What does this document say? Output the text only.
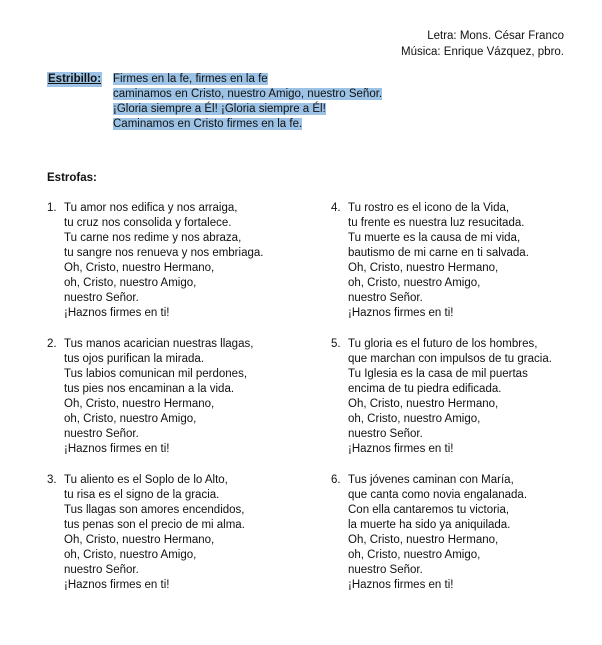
Letra: Mons. César Franco
Música: Enrique Vázquez, pbro.
Estribillo: Firmes en la fe, firmes en la fe
caminamos en Cristo, nuestro Amigo, nuestro Señor.
¡Gloria siempre a Él! ¡Gloria siempre a Él!
Caminamos en Cristo firmes en la fe.
Estrofas:
1. Tu amor nos edifica y nos arraiga,
tu cruz nos consolida y fortalece.
Tu carne nos redime y nos abraza,
tu sangre nos renueva y nos embriaga.
Oh, Cristo, nuestro Hermano,
oh, Cristo, nuestro Amigo,
nuestro Señor.
¡Haznos firmes en ti!
2. Tus manos acarician nuestras llagas,
tus ojos purifican la mirada.
Tus labios comunican mil perdones,
tus pies nos encaminan a la vida.
Oh, Cristo, nuestro Hermano,
oh, Cristo, nuestro Amigo,
nuestro Señor.
¡Haznos firmes en ti!
3. Tu aliento es el Soplo de lo Alto,
tu risa es el signo de la gracia.
Tus llagas son amores encendidos,
tus penas son el precio de mi alma.
Oh, Cristo, nuestro Hermano,
oh, Cristo, nuestro Amigo,
nuestro Señor.
¡Haznos firmes en ti!
4. Tu rostro es el icono de la Vida,
tu frente es nuestra luz resucitada.
Tu muerte es la causa de mi vida,
bautismo de mi carne en ti salvada.
Oh, Cristo, nuestro Hermano,
oh, Cristo, nuestro Amigo,
nuestro Señor.
¡Haznos firmes en ti!
5. Tu gloria es el futuro de los hombres,
que marchan con impulsos de tu gracia.
Tu Iglesia es la casa de mil puertas
encima de tu piedra edificada.
Oh, Cristo, nuestro Hermano,
oh, Cristo, nuestro Amigo,
nuestro Señor.
¡Haznos firmes en ti!
6. Tus jóvenes caminan con María,
que canta como novia engalanada.
Con ella cantaremos tu victoria,
la muerte ha sido ya aniquilada.
Oh, Cristo, nuestro Hermano,
oh, Cristo, nuestro Amigo,
nuestro Señor.
¡Haznos firmes en ti!
